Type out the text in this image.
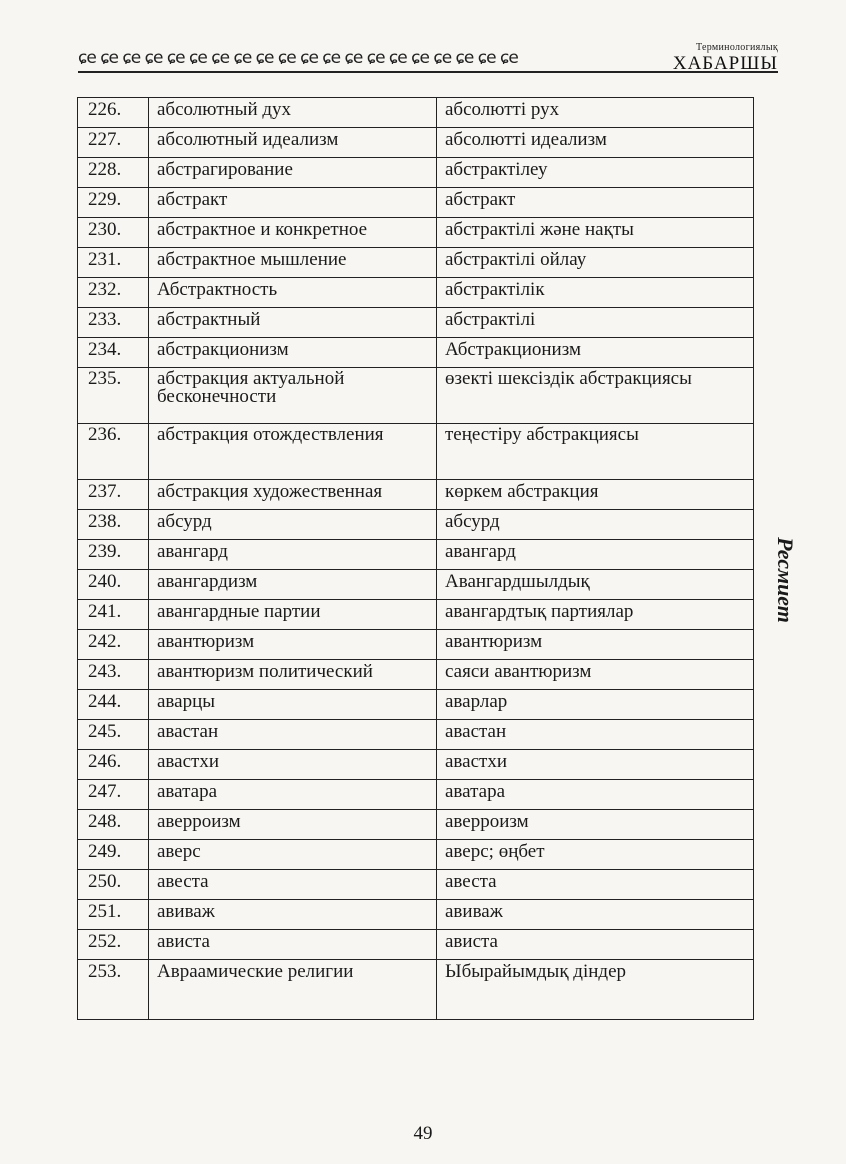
ɕe ɕe ɕe ɕe ɕe ɕe ɕe ɕe ɕe ɕe ɕe ɕe ɕe ɕe ɕe ɕe ɕe ɕe ɕe ɕe
Терминологиялық
ХАБАРШЫ
Ресмиет
226.	абсолютный дух	абсолютті рух
227.	абсолютный идеализм	абсолютті идеализм
228.	абстрагирование	абстрактілеу
229.	абстракт	абстракт
230.	абстрактное и конкретное	абстрактілі және нақты
231.	абстрактное мышление	абстрактілі ойлау
232.	Абстрактность	абстрактілік
233.	абстрактный	абстрактілі
234.	абстракционизм	Абстракционизм
235.	абстракция актуальной бесконечности	өзекті шексіздік абстракциясы
236.	абстракция отождествления	теңестіру абстракциясы
237.	абстракция художественная	көркем абстракция
238.	абсурд	абсурд
239.	авангард	авангард
240.	авангардизм	Авангардшылдық
241.	авангардные партии	авангардтық партиялар
242.	авантюризм	авантюризм
243.	авантюризм политический	саяси авантюризм
244.	аварцы	аварлар
245.	авастан	авастан
246.	авастхи	авастхи
247.	аватара	аватара
248.	аверроизм	аверроизм
249.	аверс	аверс; өңбет
250.	авеста	авеста
251.	авиваж	авиваж
252.	ависта	ависта
253.	Авраамические религии	Ыбырайымдық діндер
49
